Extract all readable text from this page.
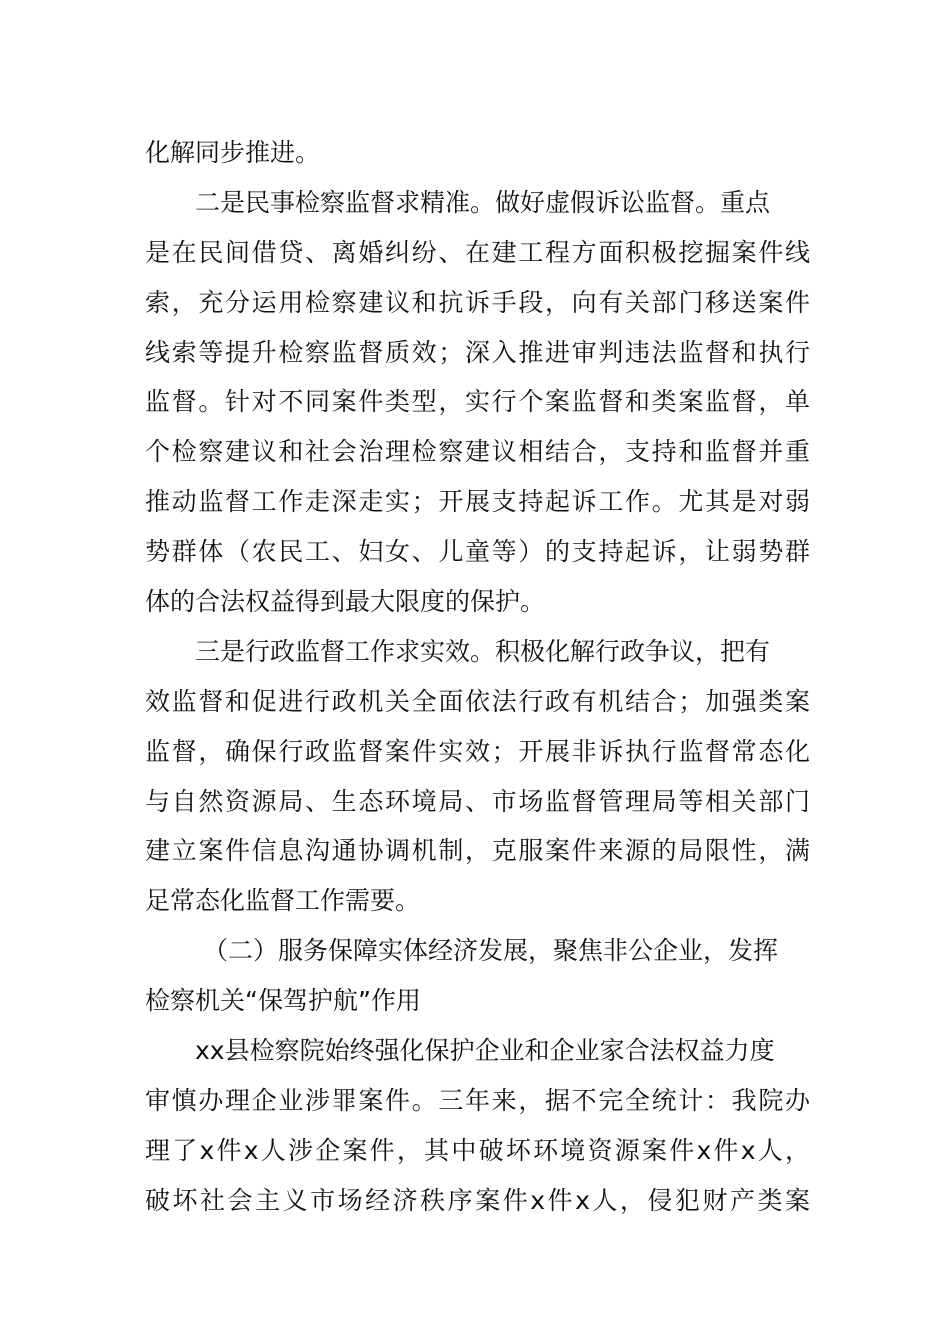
化解同步推进。
二是民事检察监督求精准。做好虚假诉讼监督。重点
是在民间借贷、离婚纠纷、在建工程方面积极挖掘案件线
索，充分运用检察建议和抗诉手段，向有关部门移送案件
线索等提升检察监督质效；深入推进审判违法监督和执行
监督。针对不同案件类型，实行个案监督和类案监督，单
个检察建议和社会治理检察建议相结合，支持和监督并重
推动监督工作走深走实；开展支持起诉工作。尤其是对弱
势群体（农民工、妇女、儿童等）的支持起诉，让弱势群
体的合法权益得到最大限度的保护。
三是行政监督工作求实效。积极化解行政争议，把有
效监督和促进行政机关全面依法行政有机结合；加强类案
监督，确保行政监督案件实效；开展非诉执行监督常态化
与自然资源局、生态环境局、市场监督管理局等相关部门
建立案件信息沟通协调机制，克服案件来源的局限性，满
足常态化监督工作需要。
（二）服务保障实体经济发展，聚焦非公企业，发挥
检察机关“保驾护航”作用
xx县检察院始终强化保护企业和企业家合法权益力度
审慎办理企业涉罪案件。三年来，据不完全统计：我院办
理了x件x人涉企案件，其中破坏环境资源案件x件x人，
破坏社会主义市场经济秩序案件x件x人，侵犯财产类案
